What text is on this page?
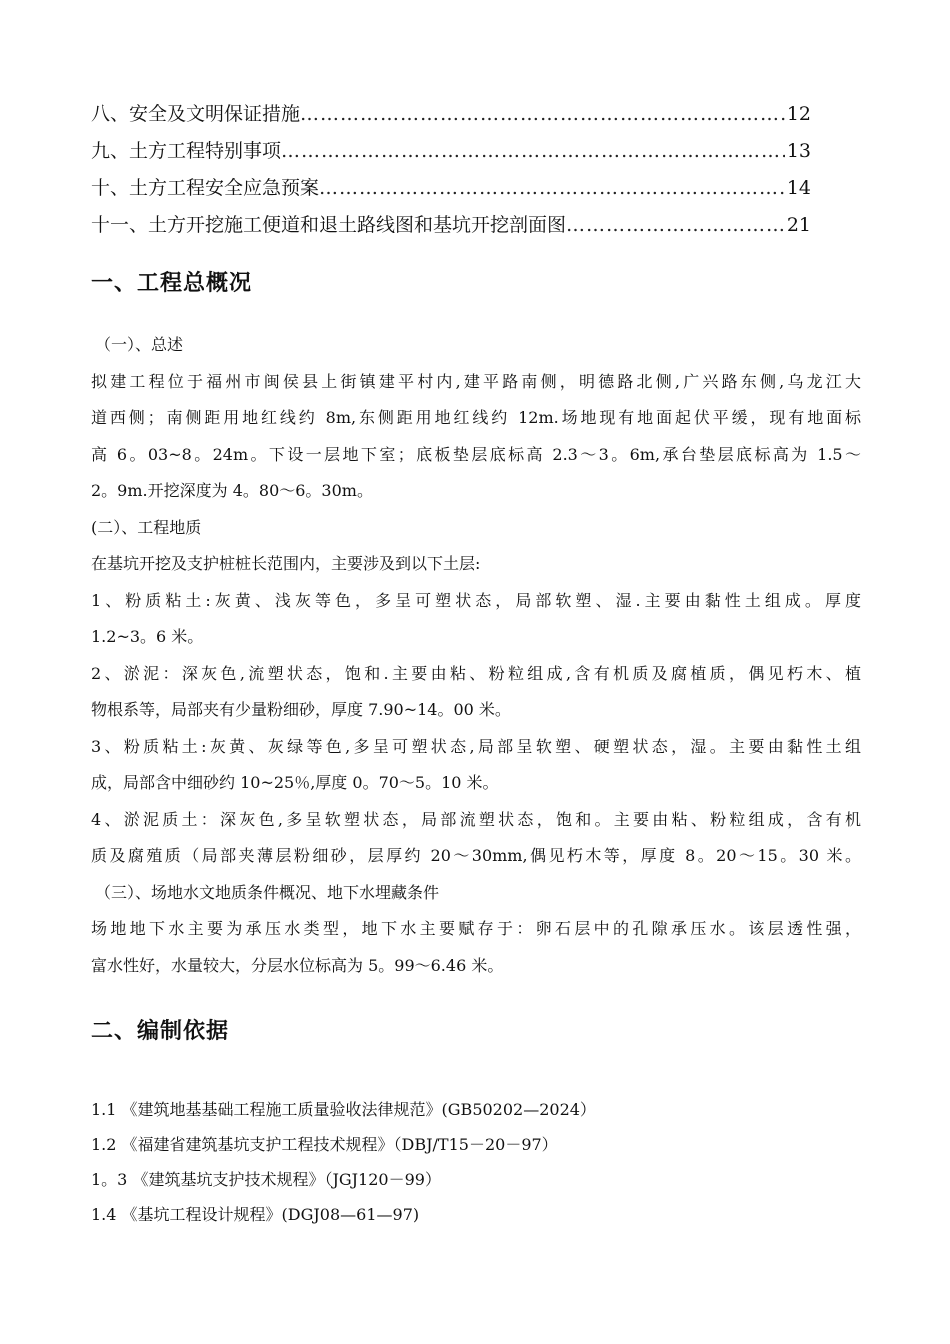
八、安全及文明保证措施 …………………………………………………………………………………………………………………………	12
九、土方工程特别事项 …………………………………………………………………………………………………………………………	13
十、土方工程安全应急预案 …………………………………………………………………………………………………………………………	14
十一、土方开挖施工便道和退土路线图和基坑开挖剖面图 …………………………………………………………………………………………………………………………	21
一、工程总概况
（一）、总述
拟建工程位于福州市闽侯县上街镇建平村内,建平路南侧，明德路北侧,广兴路东侧,乌龙江大
道西侧；南侧距用地红线约 8m,东侧距用地红线约 12m.场地现有地面起伏平缓，现有地面标
高 6。03~8。24m。下设一层地下室；底板垫层底标高 2.3～3。6m,承台垫层底标高为 1.5～
2。9m.开挖深度为 4。80～6。30m。
(二）、工程地质
在基坑开挖及支护桩桩长范围内，主要涉及到以下土层:
1、粉质粘土:灰黄、浅灰等色，多呈可塑状态，局部软塑、湿.主要由黏性土组成。厚度
1.2~3。6 米。
2、淤泥：深灰色,流塑状态，饱和.主要由粘、粉粒组成,含有机质及腐植质，偶见朽木、植
物根系等，局部夹有少量粉细砂，厚度 7.90~14。00 米。
3、粉质粘土:灰黄、灰绿等色,多呈可塑状态,局部呈软塑、硬塑状态，湿。主要由黏性土组
成，局部含中细砂约 10~25％,厚度 0。70～5。10 米。
4、淤泥质土：深灰色,多呈软塑状态，局部流塑状态，饱和。主要由粘、粉粒组成，含有机
质及腐殖质（局部夹薄层粉细砂，层厚约 20～30mm,偶见朽木等，厚度 8。20～15。30 米。
（三）、场地水文地质条件概况、地下水埋藏条件
场地地下水主要为承压水类型，地下水主要赋存于：卵石层中的孔隙承压水。该层透性强，
富水性好，水量较大，分层水位标高为 5。99～6.46 米。
二、编制依据
1.1 《建筑地基基础工程施工质量验收法律规范》(GB50202—2024）
1.2 《福建省建筑基坑支护工程技术规程》（DBJ/T15－20－97）
1。3 《建筑基坑支护技术规程》（JGJ120－99）
1.4 《基坑工程设计规程》(DGJ08—61—97)
